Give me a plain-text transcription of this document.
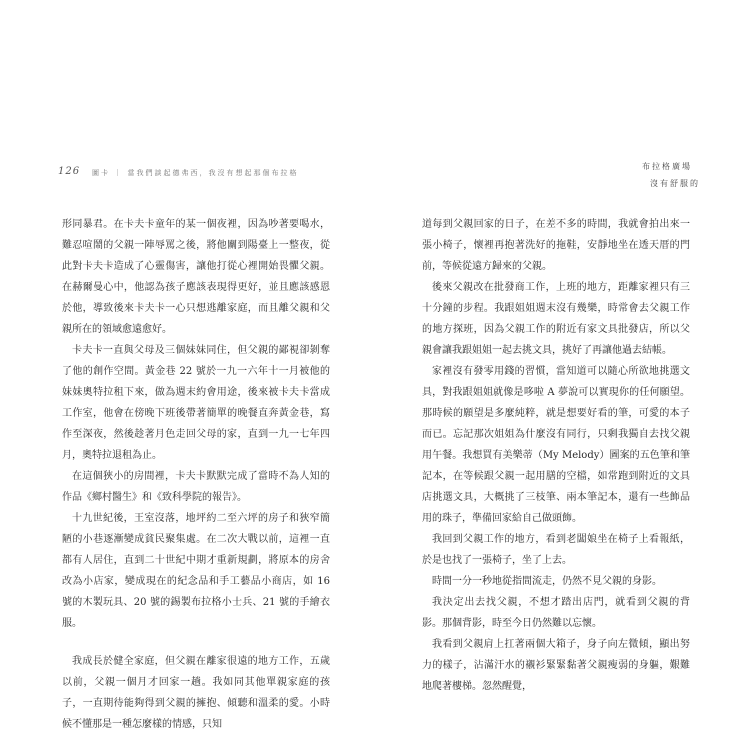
126 圖卡 ｜ 當我們談起德弗西，我沒有想起那個布拉格
布拉格廣場
沒有舒服的

形同暴君。在卡夫卡童年的某一個夜裡，因為吵著要喝水，難忍喧鬧的父親一陣辱罵之後，將他關到陽臺上一整夜，從此對卡夫卡造成了心靈傷害，讓他打從心裡開始畏懼父親。在赫爾曼心中，他認為孩子應該表現得更好，並且應該感恩於他，導致後來卡夫卡一心只想逃離家庭，而且離父親和父親所在的領域愈遠愈好。

卡夫卡一直與父母及三個妹妹同住，但父親的鄙視卻剝奪了他的創作空間。黃金巷 22 號於一九一六年十一月被他的妹妹奧特拉租下來，做為週末約會用途，後來被卡夫卡當成工作室，他會在傍晚下班後帶著簡單的晚餐直奔黃金巷，寫作至深夜，然後趁著月色走回父母的家，直到一九一七年四月，奧特拉退租為止。

在這個狹小的房間裡，卡夫卡默默完成了當時不為人知的作品《鄉村醫生》和《致科學院的報告》。

十九世紀後，王室沒落，地坪約二至六坪的房子和狹窄簡陋的小巷逐漸變成貧民聚集處。在二次大戰以前，這裡一直都有人居住，直到二十世紀中期才重新規劃，將原本的房舍改為小店家，變成現在的紀念品和手工藝品小商店，如 16 號的木製玩具、20 號的錫製布拉格小士兵、21 號的手繪衣服。

我成長於健全家庭，但父親在離家很遠的地方工作，五歲以前，父親一個月才回家一趟。我如同其他單親家庭的孩子，一直期待能夠得到父親的擁抱、傾聽和溫柔的愛。小時候不懂那是一種怎麼樣的情感，只知

道每到父親回家的日子，在差不多的時間，我就會拍出來一張小椅子，懷裡再抱著洗好的拖鞋，安靜地坐在透天厝的門前，等候從遠方歸來的父親。

後來父親改在批發商工作，上班的地方，距離家裡只有三十分鐘的步程。我跟姐姐週末沒有幾樂，時常會去父親工作的地方探班，因為父親工作的附近有家文具批發店，所以父親會讓我跟姐姐一起去挑文具，挑好了再讓他過去結帳。

家裡沒有發零用錢的習慣，當知道可以隨心所欲地挑選文具，對我跟姐姐就像是哆啦 A 夢說可以實現你的任何願望。那時候的願望是多麼純粹，就是想要好看的筆，可愛的本子而已。忘記那次姐姐為什麼沒有同行，只剩我獨自去找父親用午餐。我想買有美樂蒂（My Melody）圖案的五色筆和筆記本，在等候跟父親一起用膳的空檔，如常跑到附近的文具店挑選文具，大概挑了三枝筆、兩本筆記本，還有一些飾品用的珠子，準備回家給自己做頭飾。

我回到父親工作的地方，看到老闆娘坐在椅子上看報紙，於是也找了一張椅子，坐了上去。

時間一分一秒地從指間流走，仍然不見父親的身影。

我決定出去找父親，不想才踏出店門，就看到父親的背影。那個背影，時至今日仍然難以忘懷。

我看到父親肩上扛著兩個大箱子，身子向左微傾，顯出努力的樣子，沾滿汗水的襯衫緊緊黏著父親瘦弱的身軀，艱難地爬著樓梯。忽然醒覺，
